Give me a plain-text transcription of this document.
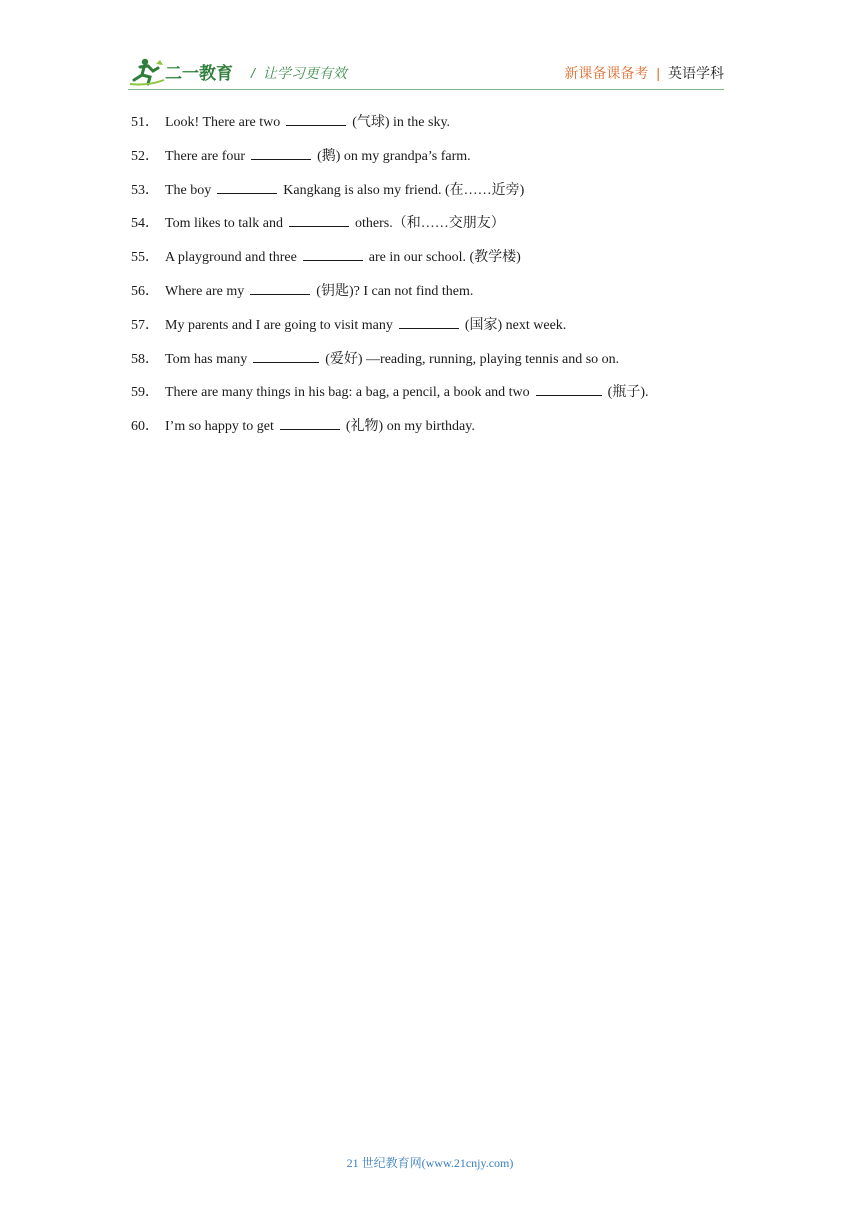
二一教育 / 让学习更有效	新课备课备考 | 英语学科
51． Look! There are two	(气球) in the sky.
52． There are four	(鹅) on my grandpa’s farm.
53． The boy	Kangkang is also my friend. (在……近旁)
54． Tom likes to talk and	others.（和……交朋友）
55． A playground and three	are in our school. (教学楼)
56． Where are my	(钥匙)? I can not find them.
57． My parents and I are going to visit many	(国家) next week.
58． Tom has many	(爱好) —reading, running, playing tennis and so on.
59． There are many things in his bag: a bag, a pencil, a book and two	(瓶子).
60． I’m so happy to get	(礼物) on my birthday.
21 世纪教育网(www.21cnjy.com)
